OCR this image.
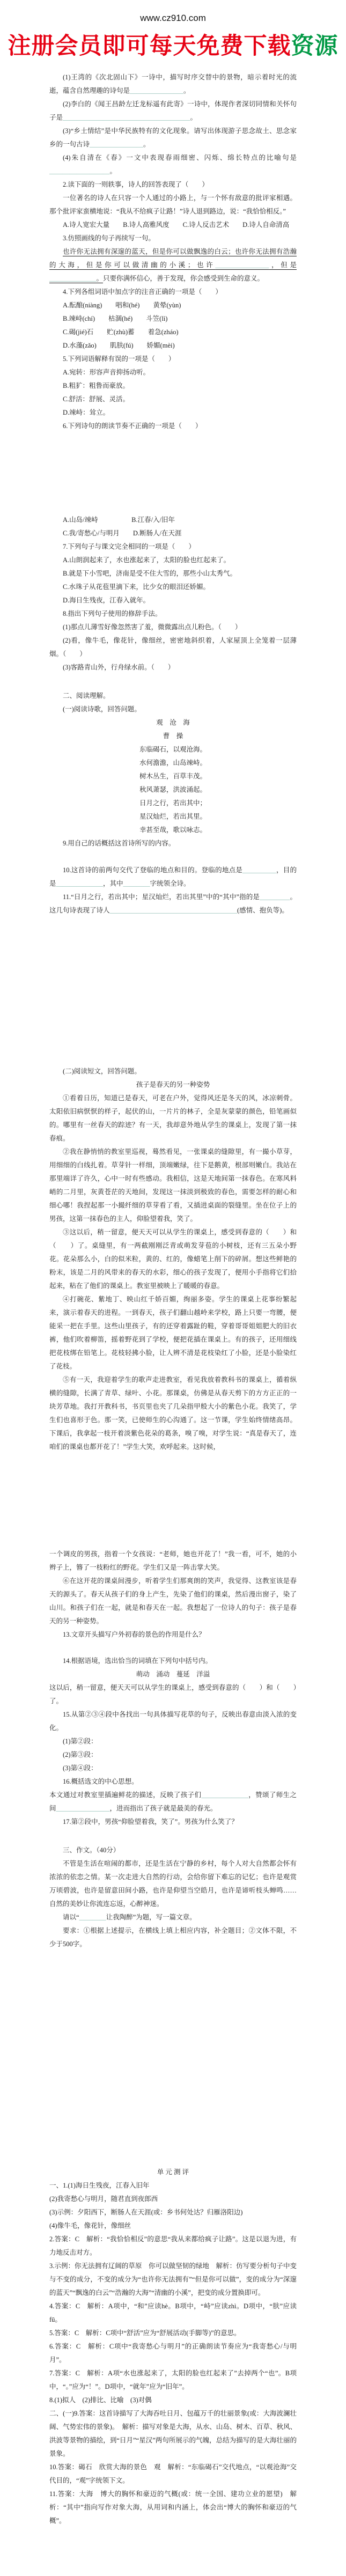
www.cz910.com
注册会员即可每天免费下载资源

(1)王湾的《次北固山下》一诗中，描写时序交替中的景物，暗示着时光的流逝，蕴含自然理趣的诗句是________________。

(2)李白的《闻王昌龄左迁龙标遥有此寄》一诗中，体现作者深切同情和关怀句子是______________________________________。

(3)“乡土情结”是中华民族特有的文化现象。请写出体现游子思念故土、思念家乡的一句古诗________________。

(4)朱自清在《春》一文中表现春雨细密、闪烁、绵长特点的比喻句是__________________。

2.读下面的一则轶事，诗人的回答表现了（　　）

一位著名的诗人在只容一个人通过的小路上，与一个怀有敌意的批评家相遇。那个批评家蛮横地说：“我从不给疯子让路！”诗人退到路边，说：“我恰恰相反。”

A.诗人宽宏大量　　B.诗人高雅风度　　C.诗人反击艺术　　D.诗人自命清高

3.仿照画线的句子再续写一句。

也许你无法拥有深邃的蓝天，但是你可以做飘逸的白云；也许你无法拥有浩瀚的大海，但是你可以做清幽的小溪；也许________________，但是______________。只要你满怀信心，善于发现，你会感受到生命的意义。

4.下列各组词语中加点字的注音正确的一项是（　　）

A.酝酿(niàng)　　唱和(hé)　　黄晕(yùn)

B.竦峙(chí)　　枯涸(hé)　　斗笠(lì)

C.碣(jié)石　　贮(zhù)蓄　　着急(zháo)

D.水藻(zǎo)　　肌肤(fú)　　娇媚(mèi)

5.下列词语解释有误的一项是（　　）

A.宛转：形容声音抑扬动听。

B.粗犷：粗鲁而豪放。

C.舒活：舒展、灵活。

D.竦峙：耸立。

6.下列诗句的朗读节奏不正确的一项是（　　）

A.山岛/竦峙　　　　　B.江春/入/旧年

C.我/寄愁心/与明月　　D.断肠人/在天涯

7.下列句子与课文完全相同的一项是（　　）

A.山朗润起来了，水也涨起来了，太阳的脸也红起来了。

B.就是下小雪吧，济南是受不住大雪的，那些小山太秀气。

C.水珠子从花苞里滴下来，比少女的眼泪还娇媚。

D.海日生残夜，江春入就年。

8.指出下列句子使用的修辞手法。

(1)那点儿薄雪好像忽然害了羞，微微露出点儿粉色。（　　）

(2)看，像牛毛，像花针，像细丝，密密地斜织着，人家屋顶上全笼着一层薄烟。（　　）

(3)客路青山外，行舟绿水前。（　　）

二、阅读理解。

(一)阅读诗歌，回答问题。

观　沧　海

曹　操

东临碣石，以观沧海。

水何澹澹，山岛竦峙。

树木丛生，百草丰茂。

秋风萧瑟，洪波涌起。

日月之行，若出其中；

星汉灿烂，若出其里。

幸甚至哉，歌以咏志。

9.用自己的话概括这首诗所写的内容。

10.这首诗的前两句交代了登临的地点和目的。登临的地点是__________，目的是______________，其中________字统领全诗。

11.“日月之行，若出其中；星汉灿烂，若出其里”中的“其中”指的是_________。这几句诗表现了诗人______________________________________(感情、抱负等)。

(二)阅读短文，回答问题。

孩子是春天的另一种姿势

①看着日历，知道已是春天，可老在户外，觉得风还是冬天的风，冰凉刺骨。太阳依旧病恹恹的样子，起伏的山，一片片的林子，全是灰蒙蒙的颜色，铅笔画似的。哪里有一丝春天的踪迹？有一天，我却意外地从学生的课桌上，发现了第一抹春痕。

②我在静悄悄的教室里巡视，蓦然看见，一张课桌的缝隙里，有一撮小草芽，用细细的白线扎着。草芽针一样细，顶端嫩绿，往下是鹅黄，根部则嫩白。我站在那里端详了许久，心中一时有些感动。我相信，这是天地间第一抹春色。在寒风料峭的二月里，灰黄苍茫的天地间，发现这一抹淡到极致的春色，需要怎样的耐心和细心哪！我捏起那一小撮纤细的草芽看了看，又插进桌面的裂缝里。坐在位子上的男孩，这第一抹春色的主人，仰脸望着我，笑了。

③这以后，稍一留意，便天天可以从学生的课桌上，感受到春意的（　　）和（　　）了。桌缝里，有一两截刚刚泛青或萌发芽苞的小树枝，还有三五朵小野花。花朵那么小，白的似米粒，黄的、红的，像蜡笔上削下的碎屑。想这些鲜艳的粉末，该是二月的风带来的春天的水彩，细心的孩子发现了，便用小手指将它们拾起来，粘在了他们的课桌上。教室里被映上了暖暖的春意。

④打碗花、紫地丁、映山红千娇百媚，绚丽多姿。学生的课桌上花事纷繁起来，演示着春天的进程。一到春天，孩子们翻山越岭来学校，路上只要一弯腰，便能采一把在手里。这些山里孩子，有的还穿着露趾的鞋，穿着哥哥姐姐肥大的旧衣裤，他们吹着柳笛，摇着野花到了学校，便把花插在课桌上。有的孩子，还用细线把花枝绑在铅笔上。花枝轻拂小脸，让人辨不清是花枝染红了小脸，还是小脸染红了花枝。

⑤有一天，我迎着学生的歌声走进教室，看见我放着教科书的课桌上，循着纵横的缝隙，长满了青草、绿叶、小花。那课桌，仿佛是从春天剪下的方方正正的一块芳草地。我打开教科书，书页里也夹了几朵指甲般大小的紫色小花。我笑了，学生们也喜形于色。那一笑，已使师生的心沟通了。这一节课，学生始终情绪高昂。下课后，我拿起一枝开着淡紫色花朵的葛条，嗅了嗅，对学生说：“真是春天了，连咱们的课桌也都开花了！”学生大笑，欢呼起来。这时候，

一个调皮的男孩，指着一个女孩说：“老师，她也开花了！”我一看，可不，她的小辫子上，簪了一枝粉红的野花。学生们又是一阵击掌大笑。

⑥在这开花的课桌间漫步，听着学生们那爽朗的笑声，我觉得、这教室该是春天的源头了。春天从孩子们的身上产生，先染了他们的课桌，然后漫出窗子，染了山川。和孩子们在一起，就是和春天在一起。我想起了一位诗人的句子：孩子是春天的另一种姿势。

13.文章开头描写户外初春的景色的作用是什么？

14.根据语境，选出恰当的词填在下列句中括号内。

萌动　涌动　蔓延　洋溢

这以后，稍一留意，便天天可以从学生的课桌上，感受到春意的（　　）和（　　）了。

15.从第②③④段中各找出一句具体描写花草的句子，反映出春意由淡入浓的变化。

(1)第②段：

(2)第③段：

(3)第④段：

16.概括选文的中心思想。

本文通过对教室里插遍鲜花的描述，反映了孩子们______________，赞颂了师生之间________________，进而指出了孩子就是最美的春光。

17.第②段中，男孩“仰脸望着我，笑了”。男孩为什么笑了？

三、作文。（40分）

不管是生活在喧闹的都市，还是生活在宁静的乡村，每个人对大自然都会怀有浓浓的依恋之情。某一次走进大自然的行动，会给你留下难忘的记忆；也许是观赏万顷碧波，也许是留意田间小路，也许是仰望当空皓月，也许是谛听枝头蝉鸣……自然的美妙让你流连忘返，心醉神迷。

请以“________让我陶醉”为题，写一篇文章。

要求：①根据上述提示，在横线上填上相应内容，补全题目；②文体不限，不少于500字。

单 元 测 评

一、1.(1)海日生残夜，江春入旧年

(2)我寄愁心与明月，随君直到夜郎西

(3)示例：夕阳西下，断肠人在天涯(或：乡书何处达？归雁洛阳边)

(4)像牛毛，像花针，像细丝

2.答案：C　解析：“我恰恰相反”的意思“我从来都给疯子让路”。这是以退为进，有力地反击对方。

3.示例：你无法拥有辽阔的草原　你可以做坚韧的绿地　解析：仿写要分析句子中变与不变的成分，不变的成分为“也许你无法拥有”“但是你可以做”，变的成分为“深邃的蓝天”“飘逸的白云”“浩瀚的大海”“清幽的小溪”，把变的成分置换即可。

4.答案：C　解析：A项中，“和”应读hè。B项中，“峙”应读zhì。D项中，“肤”应读fū。

5.答案：C　解析：C项中“舒活”应为“舒展活动(手脚等)”的意思。

6.答案：C　解析：C项中“我寄愁心与明月”的正确朗读节奏应为“我寄愁心/与明月”。

7.答案：C　解析：A项“水也涨起来了，太阳的脸也红起来了”去掉两个“也”。B项中，“。”应为“！”。D项中，“就年”应为“旧年”。

8.(1)拟人　(2)排比、比喻　(3)对偶

二、(一)9.答案：这首诗描写了大海吞吐日月、包蕴万千的壮丽景象(或：大海波澜壮阔、气势宏伟的景象)。　解析：描写对象是大海，从水、山岛、树木、百草、秋风、洪波等景物的描绘，到“日月”“星汉”两句所展示的气魄，总结为描写的是大海壮丽的景象。

10.答案：碣石　欣赏大海的景色　观　解析：“东临碣石”交代地点，“以观沧海”交代目的，“观”字统领下文。

11.答案：大海　博大的胸怀和豪迈的气概(或：统一全国、建功立业的愿望)　解析：“其中”指向写作对象大海，从用词和内涵上，体会出“博大的胸怀和豪迈的气概”。
